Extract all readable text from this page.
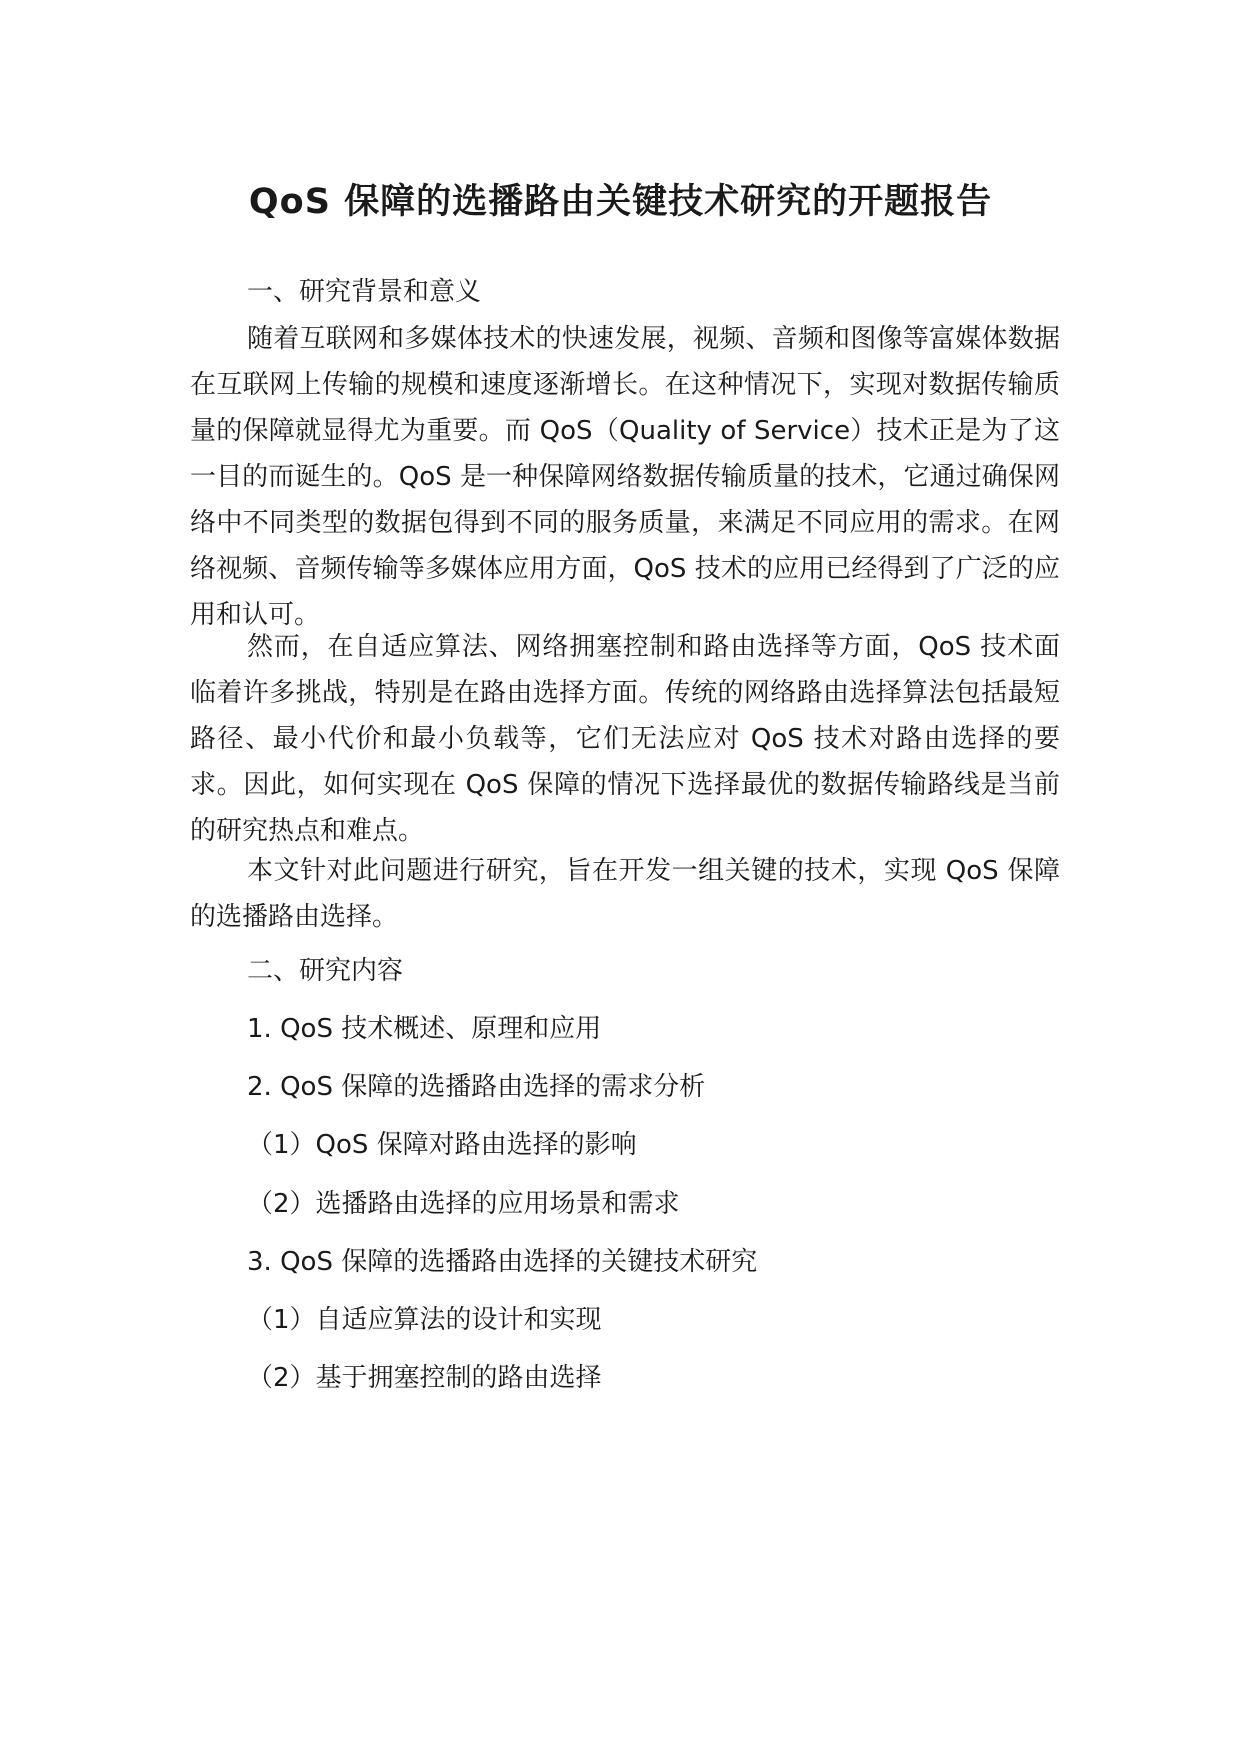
QoS 保障的选播路由关键技术研究的开题报告

一、研究背景和意义

随着互联网和多媒体技术的快速发展，视频、音频和图像等富媒体数据在互联网上传输的规模和速度逐渐增长。在这种情况下，实现对数据传输质量的保障就显得尤为重要。而 QoS（Quality of Service）技术正是为了这一目的而诞生的。QoS 是一种保障网络数据传输质量的技术，它通过确保网络中不同类型的数据包得到不同的服务质量，来满足不同应用的需求。在网络视频、音频传输等多媒体应用方面，QoS 技术的应用已经得到了广泛的应用和认可。

然而，在自适应算法、网络拥塞控制和路由选择等方面，QoS 技术面临着许多挑战，特别是在路由选择方面。传统的网络路由选择算法包括最短路径、最小代价和最小负载等，它们无法应对 QoS 技术对路由选择的要求。因此，如何实现在 QoS 保障的情况下选择最优的数据传输路线是当前的研究热点和难点。

本文针对此问题进行研究，旨在开发一组关键的技术，实现 QoS 保障的选播路由选择。

二、研究内容

1. QoS 技术概述、原理和应用

2. QoS 保障的选播路由选择的需求分析

（1）QoS 保障对路由选择的影响

（2）选播路由选择的应用场景和需求

3. QoS 保障的选播路由选择的关键技术研究

（1）自适应算法的设计和实现

（2）基于拥塞控制的路由选择
